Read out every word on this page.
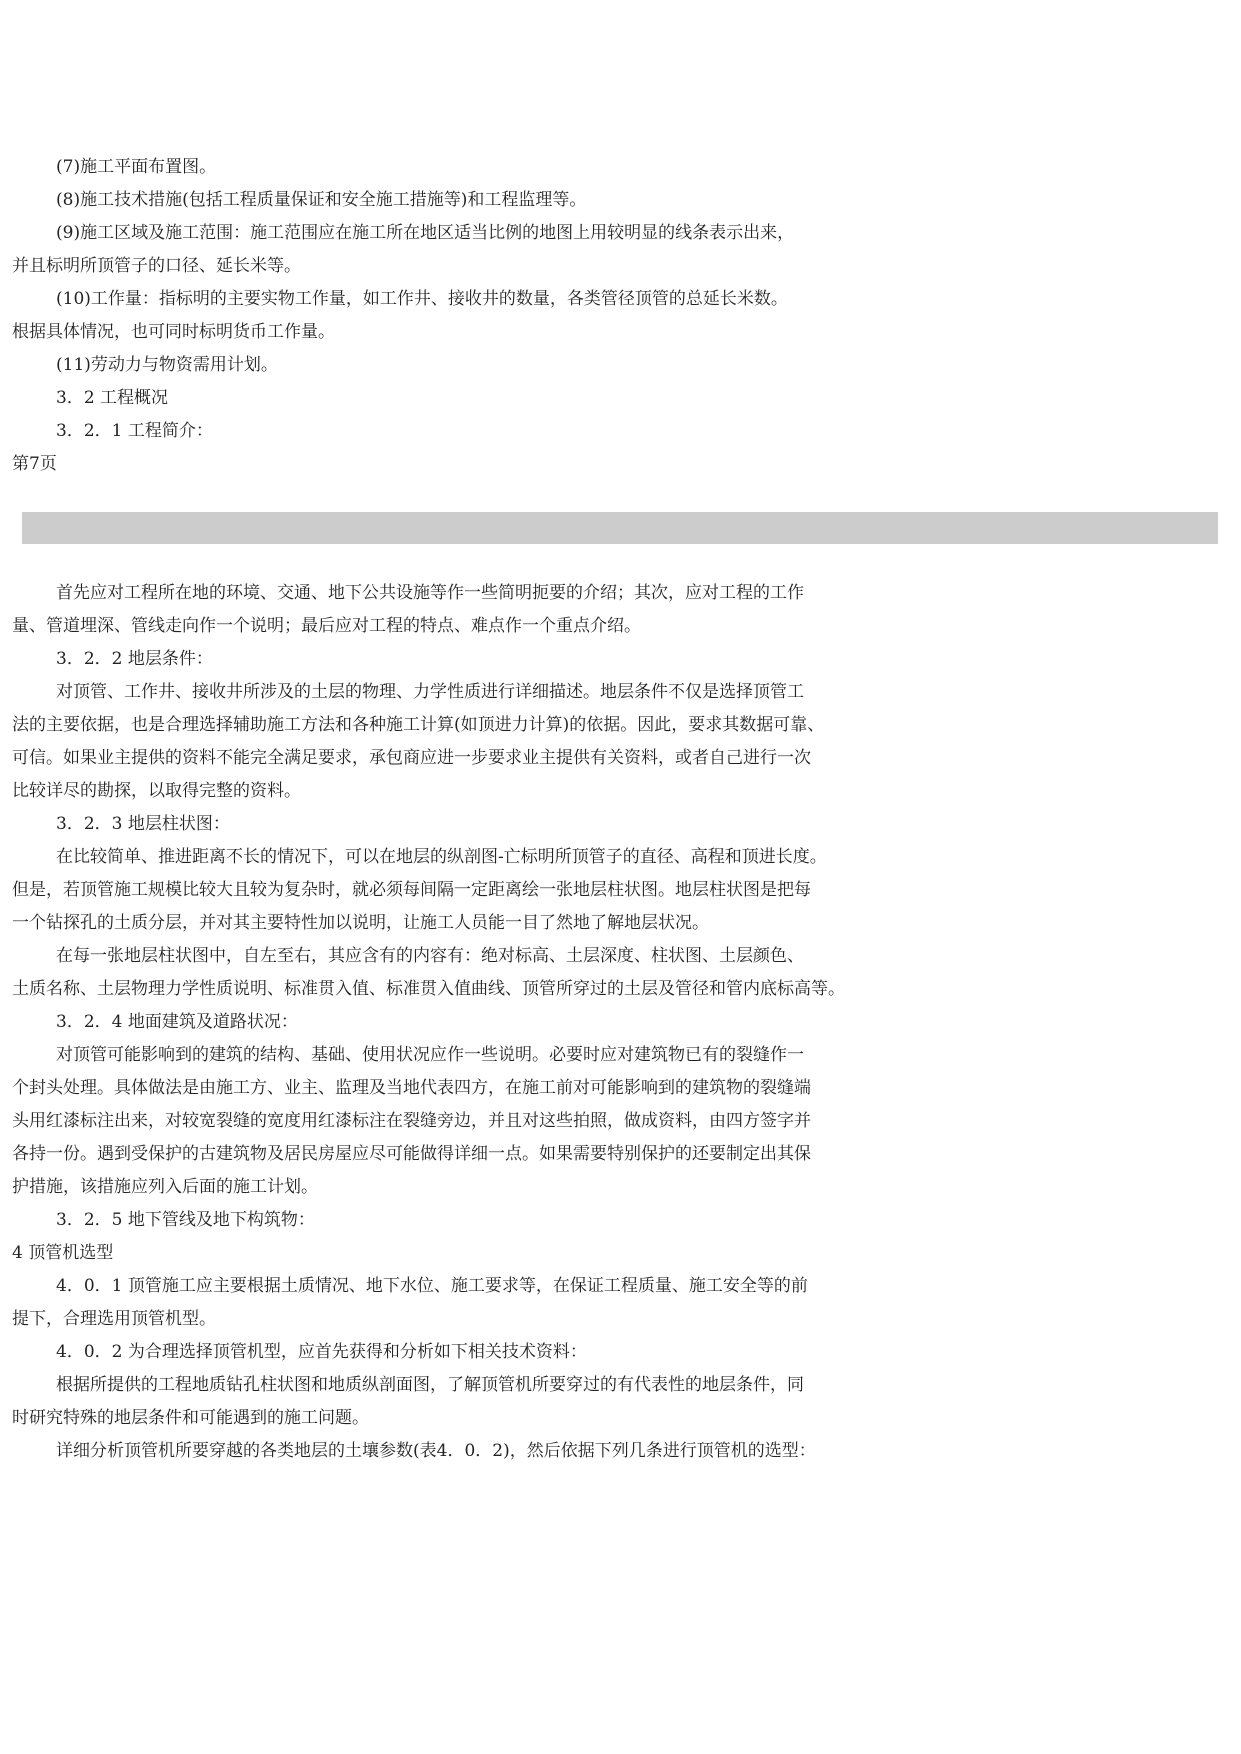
(7)施工平面布置图。
(8)施工技术措施(包括工程质量保证和安全施工措施等)和工程监理等。
(9)施工区域及施工范围：施工范围应在施工所在地区适当比例的地图上用较明显的线条表示出来，
并且标明所顶管子的口径、延长米等。
(10)工作量：指标明的主要实物工作量，如工作井、接收井的数量，各类管径顶管的总延长米数。
根据具体情况，也可同时标明货币工作量。
(11)劳动力与物资需用计划。
3．2 工程概况
3．2．1 工程简介：
第7页
首先应对工程所在地的环境、交通、地下公共设施等作一些简明扼要的介绍；其次，应对工程的工作
量、管道埋深、管线走向作一个说明；最后应对工程的特点、难点作一个重点介绍。
3．2．2 地层条件：
对顶管、工作井、接收井所涉及的土层的物理、力学性质进行详细描述。地层条件不仅是选择顶管工
法的主要依据，也是合理选择辅助施工方法和各种施工计算(如顶进力计算)的依据。因此，要求其数据可靠、
可信。如果业主提供的资料不能完全满足要求，承包商应进一步要求业主提供有关资料，或者自己进行一次
比较详尽的勘探，以取得完整的资料。
3．2．3 地层柱状图：
在比较简单、推进距离不长的情况下，可以在地层的纵剖图-亡标明所顶管子的直径、高程和顶进长度。
但是，若顶管施工规模比较大且较为复杂时，就必须每间隔一定距离绘一张地层柱状图。地层柱状图是把每
一个钻探孔的土质分层，并对其主要特性加以说明，让施工人员能一目了然地了解地层状况。
在每一张地层柱状图中，自左至右，其应含有的内容有：绝对标高、土层深度、柱状图、土层颜色、
土质名称、土层物理力学性质说明、标准贯入值、标准贯入值曲线、顶管所穿过的土层及管径和管内底标高等。
3．2．4 地面建筑及道路状况：
对顶管可能影响到的建筑的结构、基础、使用状况应作一些说明。必要时应对建筑物已有的裂缝作一
个封头处理。具体做法是由施工方、业主、监理及当地代表四方，在施工前对可能影响到的建筑物的裂缝端
头用红漆标注出来，对较宽裂缝的宽度用红漆标注在裂缝旁边，并且对这些拍照，做成资料，由四方签字并
各持一份。遇到受保护的古建筑物及居民房屋应尽可能做得详细一点。如果需要特别保护的还要制定出其保
护措施，该措施应列入后面的施工计划。
3．2．5 地下管线及地下构筑物：
4 顶管机选型
4．0．1 顶管施工应主要根据土质情况、地下水位、施工要求等，在保证工程质量、施工安全等的前
提下，合理选用顶管机型。
4．0．2 为合理选择顶管机型，应首先获得和分析如下相关技术资料：
根据所提供的工程地质钻孔柱状图和地质纵剖面图，了解顶管机所要穿过的有代表性的地层条件，同
时研究特殊的地层条件和可能遇到的施工问题。
详细分析顶管机所要穿越的各类地层的土壤参数(表4．0．2)，然后依据下列几条进行顶管机的选型：
